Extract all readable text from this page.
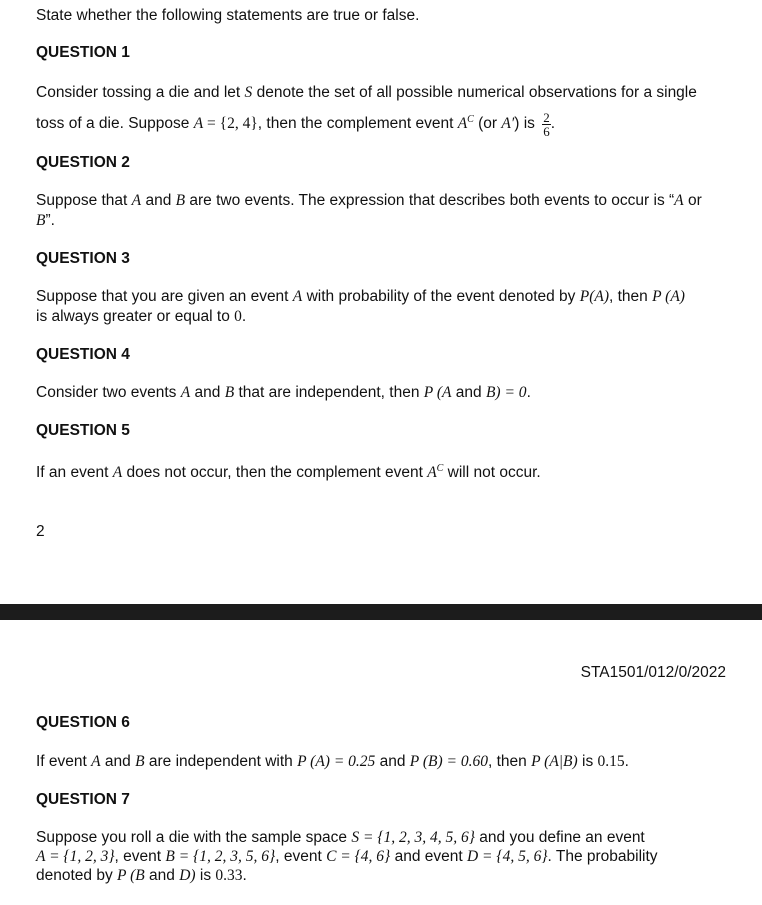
State whether the following statements are true or false.
QUESTION 1
Consider tossing a die and let S denote the set of all possible numerical observations for a single
toss of a die. Suppose A = {2, 4}, then the complement event $A^C$ (or A′) is $\frac{2}{6}$ .
QUESTION 2
Suppose that A and B are two events. The expression that describes both events to occur is “A or
B”.
QUESTION 3
Suppose that you are given an event A with probability of the event denoted by P(A), then P (A)
is always greater or equal to 0.
QUESTION 4
Consider two events A and B that are independent, then P (A and B) = 0.
QUESTION 5
If an event A does not occur, then the complement event $A^C$ will not occur.
2
STA1501/012/0/2022
QUESTION 6
If event A and B are independent with P (A) = 0.25 and P (B) = 0.60, then P (A|B) is 0.15.
QUESTION 7
Suppose you roll a die with the sample space S = {1, 2, 3, 4, 5, 6} and you define an event
A = {1, 2, 3}, event B = {1, 2, 3, 5, 6}, event C = {4, 6} and event D = {4, 5, 6}. The probability
denoted by P (B and D) is 0.33.
